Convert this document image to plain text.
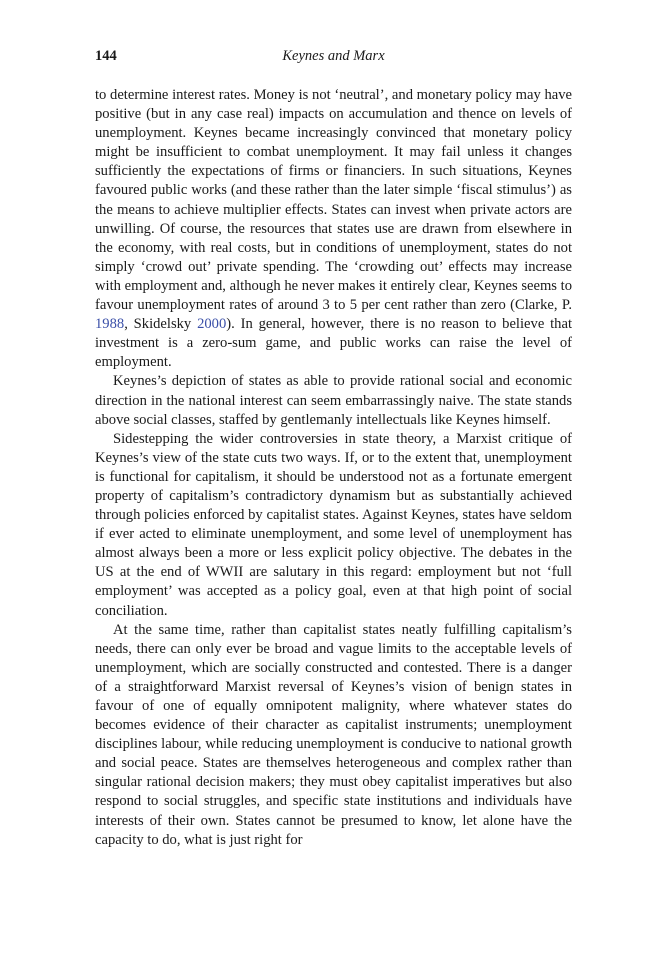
144	Keynes and Marx

to determine interest rates. Money is not ‘neutral’, and monetary policy may have positive (but in any case real) impacts on accumulation and thence on levels of unemployment. Keynes became increasingly convinced that monetary policy might be insufficient to combat unemployment. It may fail unless it changes sufficiently the expectations of firms or financiers. In such situations, Keynes favoured public works (and these rather than the later simple ‘fiscal stimulus’) as the means to achieve multiplier effects. States can invest when private actors are unwilling. Of course, the resources that states use are drawn from elsewhere in the economy, with real costs, but in conditions of unemployment, states do not simply ‘crowd out’ private spending. The ‘crowding out’ effects may increase with employment and, although he never makes it entirely clear, Keynes seems to favour unemployment rates of around 3 to 5 per cent rather than zero (Clarke, P. 1988, Skidelsky 2000). In general, however, there is no reason to believe that investment is a zero-sum game, and public works can raise the level of employment.

Keynes’s depiction of states as able to provide rational social and economic direction in the national interest can seem embarrassingly naive. The state stands above social classes, staffed by gentlemanly intellectuals like Keynes himself.

Sidestepping the wider controversies in state theory, a Marxist critique of Keynes’s view of the state cuts two ways. If, or to the extent that, unemployment is functional for capitalism, it should be understood not as a fortunate emergent property of capitalism’s contradictory dynamism but as substantially achieved through policies enforced by capitalist states. Against Keynes, states have seldom if ever acted to eliminate unemployment, and some level of unemployment has almost always been a more or less explicit policy objective. The debates in the US at the end of WWII are salutary in this regard: employment but not ‘full employment’ was accepted as a policy goal, even at that high point of social conciliation.

At the same time, rather than capitalist states neatly fulfilling capitalism’s needs, there can only ever be broad and vague limits to the acceptable levels of unemployment, which are socially constructed and contested. There is a danger of a straightforward Marxist reversal of Keynes’s vision of benign states in favour of one of equally omnipotent malignity, where whatever states do becomes evidence of their character as capitalist instruments; unemployment disciplines labour, while reducing unemployment is conducive to national growth and social peace. States are themselves heterogeneous and complex rather than singular rational decision makers; they must obey capitalist imperatives but also respond to social struggles, and specific state institutions and individuals have interests of their own. States cannot be presumed to know, let alone have the capacity to do, what is just right for
